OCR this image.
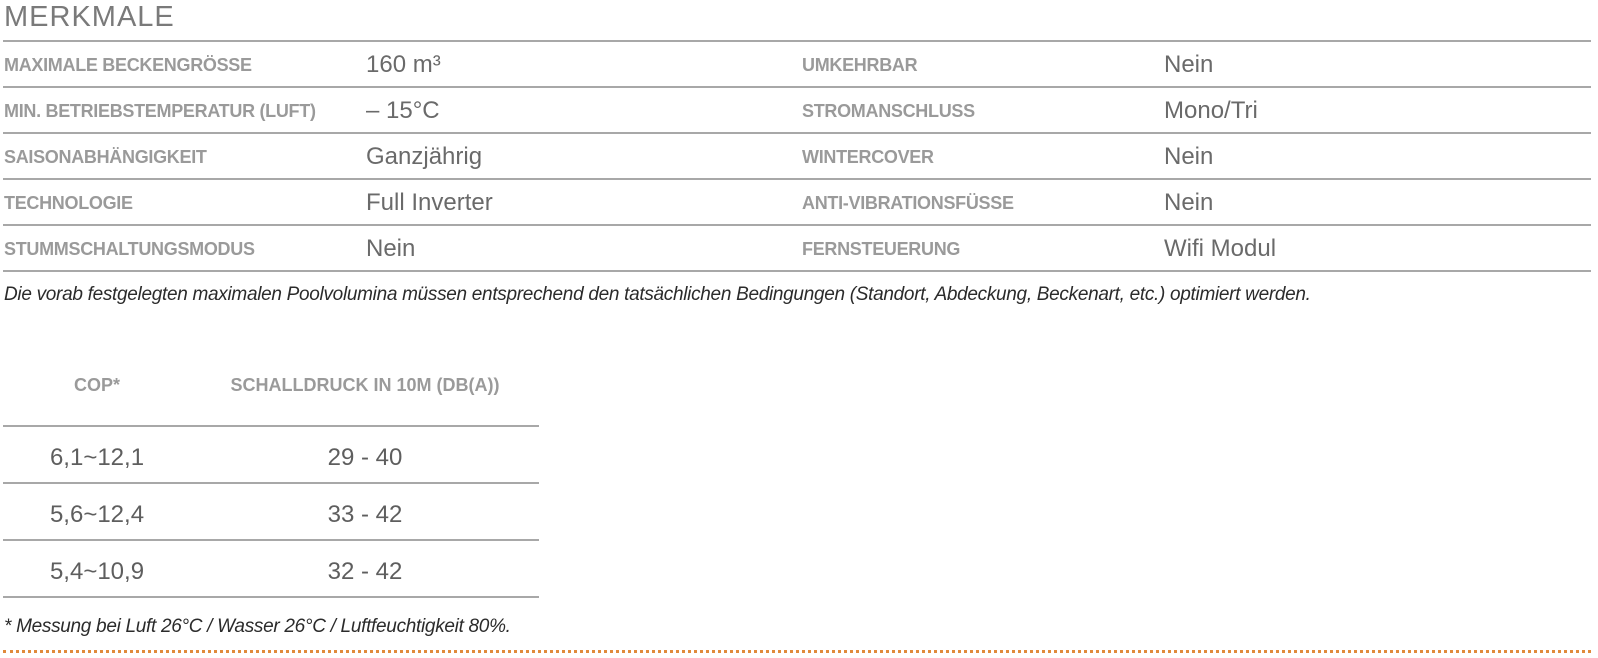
MERKMALE
MAXIMALE BECKENGRÖSSE	160 m³	UMKEHRBAR	Nein
MIN. BETRIEBSTEMPERATUR (LUFT) – 15°C	STROMANSCHLUSS	Mono/Tri
SAISONABHÄNGIGKEIT	Ganzjährig	WINTERCOVER	Nein
TECHNOLOGIE	Full Inverter	ANTI-VIBRATIONSFÜSSE	Nein
STUMMSCHALTUNGSMODUS	Nein	FERNSTEUERUNG	Wifi Modul
Die vorab festgelegten maximalen Poolvolumina müssen entsprechend den tatsächlichen Bedingungen (Standort, Abdeckung, Beckenart, etc.) optimiert werden.
COP*	SCHALLDRUCK IN 10M (DB(A))
6,1~12,1	29 - 40
5,6~12,4	33 - 42
5,4~10,9	32 - 42
* Messung bei Luft 26°C / Wasser 26°C / Luftfeuchtigkeit 80%.
